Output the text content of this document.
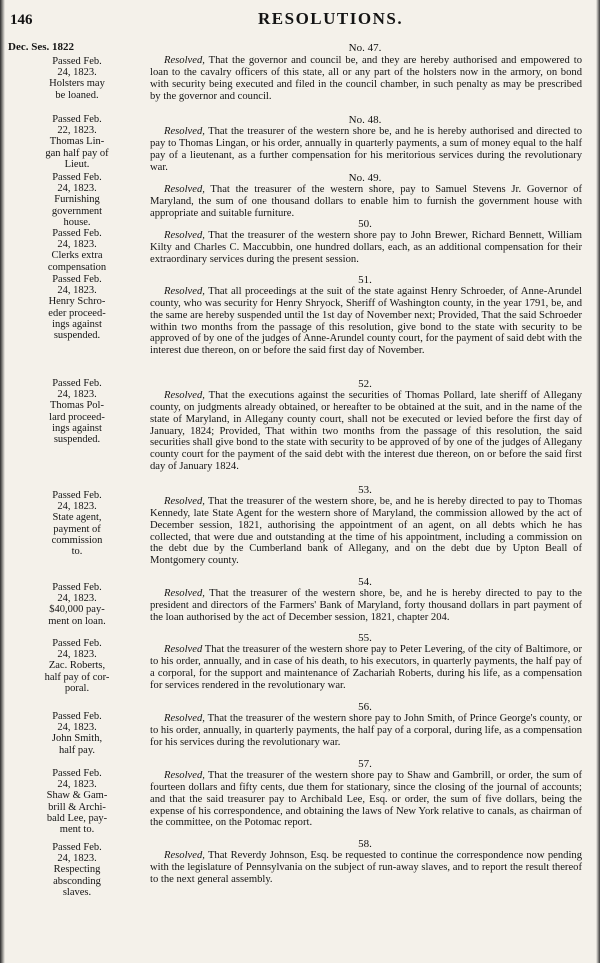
146	RESOLUTIONS.
Dec. Ses. 1822	No. 47.
Passed Feb.
24, 1823.
Holsters may
be loaned.
Resolved, That the governor and council be, and they are hereby authorised and empowered to loan to the cavalry officers of this state, all or any part of the holsters now in the armory, on bond with security being executed and filed in the council chamber, in such penalty as may be prescribed by the governor and council.
No. 48.
Passed Feb.
22, 1823.
Thomas Lin-
gan half pay of
Lieut.
Resolved, That the treasurer of the western shore be, and he is hereby authorised and directed to pay to Thomas Lingan, or his order, annually in quarterly payments, a sum of money equal to the half pay of a lieutenant, as a further compensation for his meritorious services during the revolutionary war.
No. 49.
Passed Feb.
24, 1823.
Furnishing
government
house.
Resolved, That the treasurer of the western shore, pay to Samuel Stevens Jr. Governor of Maryland, the sum of one thousand dollars to enable him to furnish the government house with appropriate and suitable furniture.
50.
Passed Feb.
24, 1823.
Clerks extra
compensation
Resolved, That the treasurer of the western shore pay to John Brewer, Richard Bennett, William Kilty and Charles C. Maccubbin, one hundred dollars, each, as an additional compensation for their extraordinary services during the present session.
51.
Passed Feb.
24, 1823.
Henry Schro-
eder proceed-
ings against
suspended.
Resolved, That all proceedings at the suit of the state against Henry Schroeder, of Anne-Arundel county, who was security for Henry Shryock, Sheriff of Washington county, in the year 1791, be, and the same are hereby suspended until the 1st day of November next; Provided, That the said Schroeder within two months from the passage of this resolution, give bond to the state with security to be approved of by one of the judges of Anne-Arundel county court, for the payment of said debt with the interest due thereon, on or before the said first day of November.
52.
Passed Feb.
24, 1823.
Thomas Pol-
lard proceed-
ings against
suspended.
Resolved, That the executions against the securities of Thomas Pollard, late sheriff of Allegany county, on judgments already obtained, or hereafter to be obtained at the suit, and in the name of the state of Maryland, in Allegany county court, shall not be executed or levied before the first day of January, 1824; Provided, That within two months from the passage of this resolution, the said securities shall give bond to the state with security to be approved of by one of the judges of Allegany county court for the payment of the said debt with the interest due thereon, on or before the said first day of January 1824.
53.
Passed Feb.
24, 1823.
State agent,
payment of
commission
to.
Resolved, That the treasurer of the western shore, be, and he is hereby directed to pay to Thomas Kennedy, late State Agent for the western shore of Maryland, the commission allowed by the act of December session, 1821, authorising the appointment of an agent, on all debts which he has collected, that were due and outstanding at the time of his appointment, including a commission on the debt due by the Cumberland bank of Allegany, and on the debt due by Upton Beall of Montgomery county.
54.
Passed Feb.
24, 1823.
$40,000 pay-
ment on loan.
Resolved, That the treasurer of the western shore, be, and he is hereby directed to pay to the president and directors of the Farmers' Bank of Maryland, forty thousand dollars in part payment of the loan authorised by the act of December session, 1821, chapter 204.
55.
Passed Feb.
24, 1823.
Zac. Roberts,
half pay of cor-
poral.
Resolved That the treasurer of the western shore pay to Peter Levering, of the city of Baltimore, or to his order, annually, and in case of his death, to his executors, in quarterly payments, the half pay of a corporal, for the support and maintenance of Zachariah Roberts, during his life, as a compensation for services rendered in the revolutionary war.
56.
Passed Feb.
24, 1823.
John Smith,
half pay.
Resolved, That the treasurer of the western shore pay to John Smith, of Prince George's county, or to his order, annually, in quarterly payments, the half pay of a corporal, during life, as a compensation for his services during the revolutionary war.
57.
Passed Feb.
24, 1823.
Shaw & Gam-
brill & Archi-
bald Lee, pay-
ment to.
Resolved, That the treasurer of the western shore pay to Shaw and Gambrill, or order, the sum of fourteen dollars and fifty cents, due them for stationary, since the closing of the journal of accounts; and that the said treasurer pay to Archibald Lee, Esq. or order, the sum of five dollars, being the expense of his correspondence, and obtaining the laws of New York relative to canals, as chairman of the committee, on the Potomac report.
58.
Passed Feb.
24, 1823.
Respecting
absconding
slaves.
Resolved, That Reverdy Johnson, Esq. be requested to continue the correspondence now pending with the legislature of Pennsylvania on the subject of run-away slaves, and to report the result thereof to the next general assembly.
